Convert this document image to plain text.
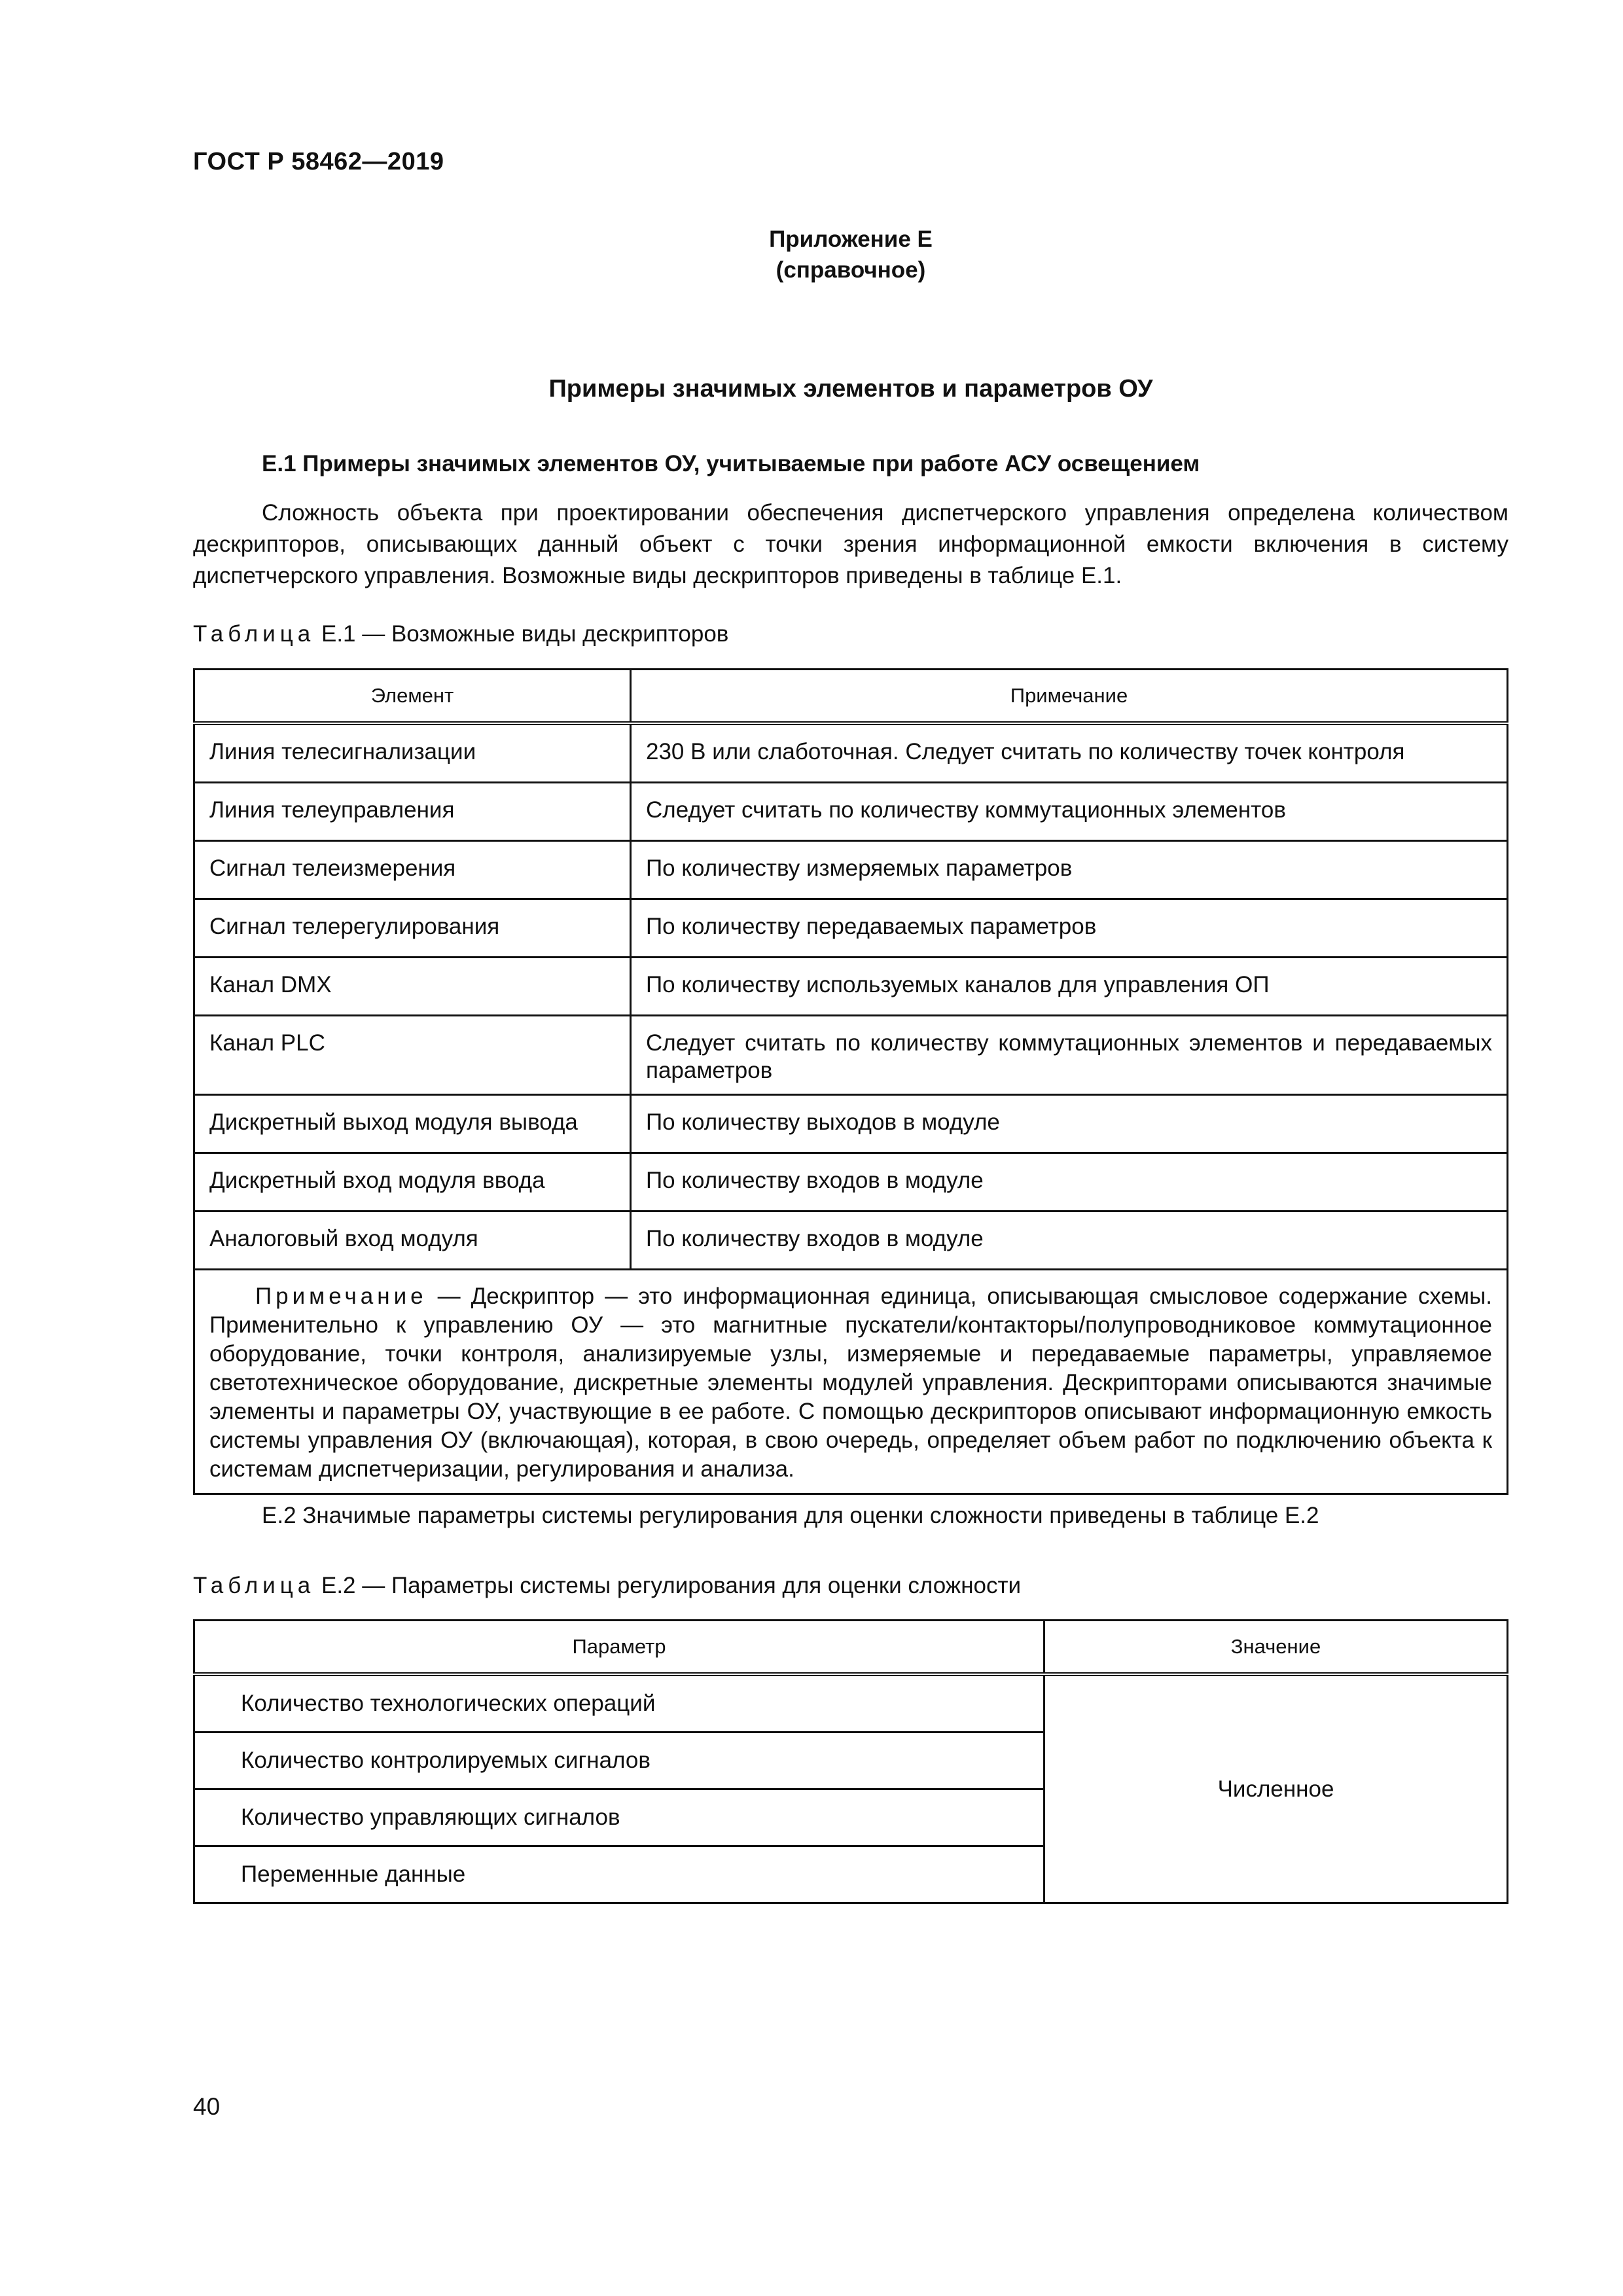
ГОСТ Р 58462—2019
Приложение Е
(справочное)
Примеры значимых элементов и параметров ОУ
Е.1 Примеры значимых элементов ОУ, учитываемые при работе АСУ освещением

Сложность объекта при проектировании обеспечения диспетчерского управления определена количеством дескрипторов, описывающих данный объект с точки зрения информационной емкости включения в систему диспетчерского управления. Возможные виды дескрипторов приведены в таблице Е.1.

Таблица Е.1 — Возможные виды дескрипторов
Элемент	Примечание
Линия телесигнализации	230 В или слаботочная. Следует считать по количеству точек контроля
Линия телеуправления	Следует считать по количеству коммутационных элементов
Сигнал телеизмерения	По количеству измеряемых параметров
Сигнал телерегулирования	По количеству передаваемых параметров
Канал DMX	По количеству используемых каналов для управления ОП
Канал PLC	Следует считать по количеству коммутационных элементов и передаваемых параметров
Дискретный выход модуля вывода	По количеству выходов в модуле
Дискретный вход модуля ввода	По количеству входов в модуле
Аналоговый вход модуля	По количеству входов в модуле
Примечание — Дескриптор — это информационная единица, описывающая смысловое содержание схемы. Применительно к управлению ОУ — это магнитные пускатели/контакторы/полупроводниковое коммутационное оборудование, точки контроля, анализируемые узлы, измеряемые и передаваемые параметры, управляемое светотехническое оборудование, дискретные элементы модулей управления. Дескрипторами описываются значимые элементы и параметры ОУ, участвующие в ее работе. С помощью дескрипторов описывают информационную емкость системы управления ОУ (включающая), которая, в свою очередь, определяет объем работ по подключению объекта к системам диспетчеризации, регулирования и анализа.	
Е.2 Значимые параметры системы регулирования для оценки сложности приведены в таблице Е.2
Таблица Е.2 — Параметры системы регулирования для оценки сложности
Параметр	Значение
Количество технологических операций	Численное
Количество контролируемых сигналов	
Количество управляющих сигналов	
Переменные данные	
40
